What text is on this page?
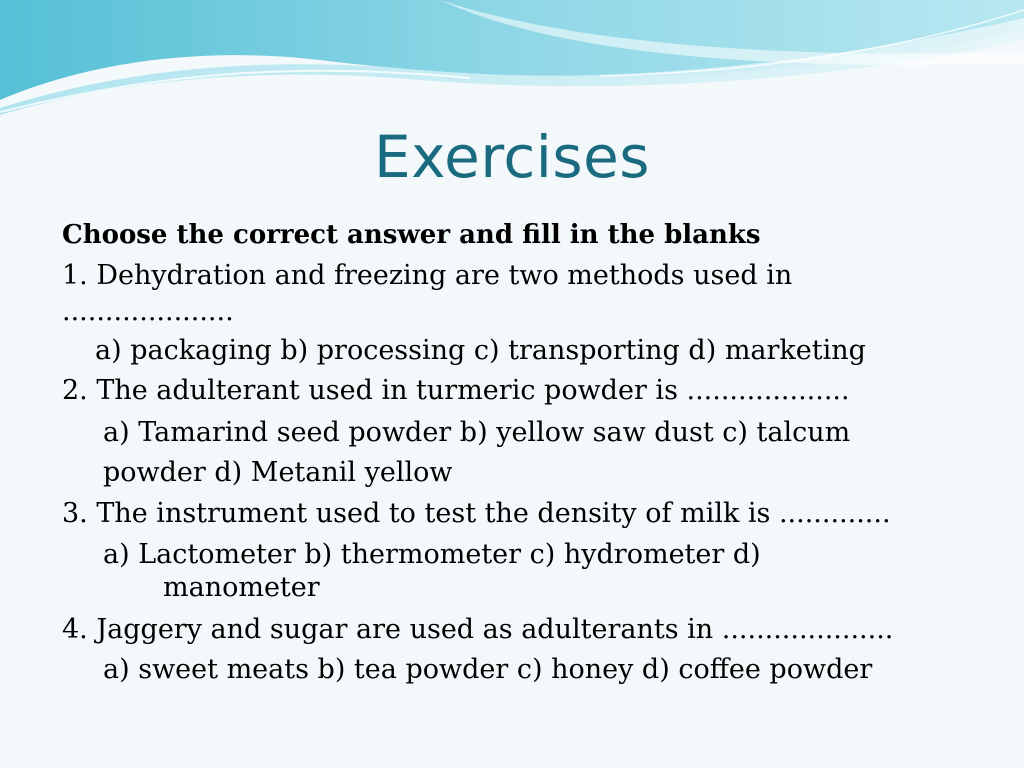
Exercises
Choose the correct answer and fill in the blanks
1. Dehydration and freezing are two methods used in
....................
a) packaging b) processing c) transporting d) marketing
2. The adulterant used in turmeric powder is ...................
a) Tamarind seed powder b) yellow saw dust c) talcum
powder d) Metanil yellow
3. The instrument used to test the density of milk is .............
a) Lactometer b) thermometer c) hydrometer d)
manometer
4. Jaggery and sugar are used as adulterants in ....................
a) sweet meats b) tea powder c) honey d) coffee powder
